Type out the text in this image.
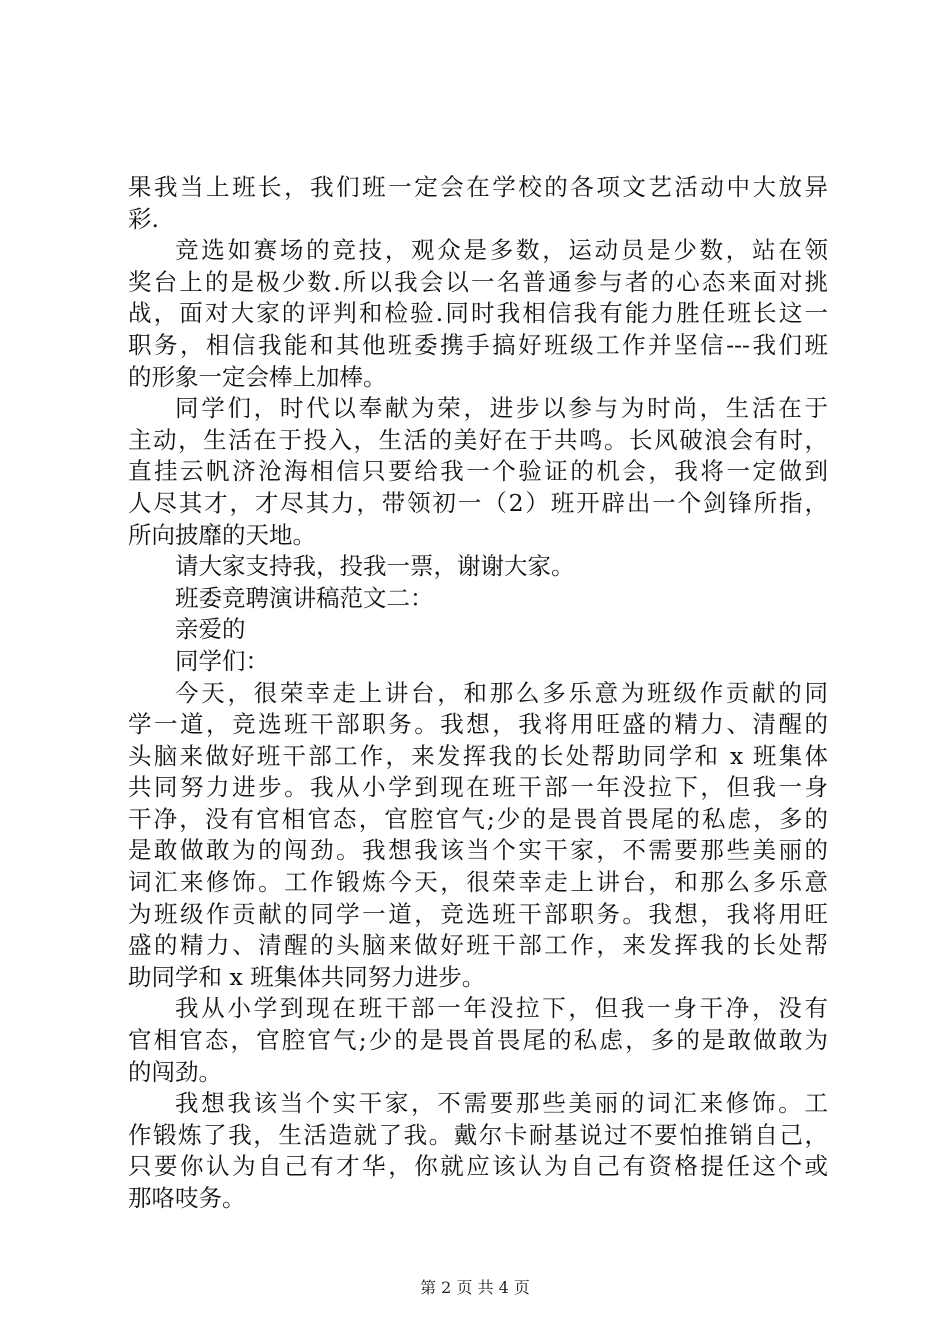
果我当上班长，我们班一定会在学校的各项文艺活动中大放异
彩.
竞选如赛场的竞技，观众是多数，运动员是少数，站在领
奖台上的是极少数.所以我会以一名普通参与者的心态来面对挑
战，面对大家的评判和检验.同时我相信我有能力胜任班长这一
职务，相信我能和其他班委携手搞好班级工作并坚信---我们班
的形象一定会棒上加棒。
同学们，时代以奉献为荣，进步以参与为时尚，生活在于
主动，生活在于投入，生活的美好在于共鸣。长风破浪会有时，
直挂云帆济沧海相信只要给我一个验证的机会，我将一定做到
人尽其才，才尽其力，带领初一（2）班开辟出一个剑锋所指，
所向披靡的天地。
请大家支持我，投我一票，谢谢大家。
班委竞聘演讲稿范文二：
亲爱的
同学们：
今天，很荣幸走上讲台，和那么多乐意为班级作贡献的同
学一道，竞选班干部职务。我想，我将用旺盛的精力、清醒的
头脑来做好班干部工作，来发挥我的长处帮助同学和 x 班集体
共同努力进步。我从小学到现在班干部一年没拉下，但我一身
干净，没有官相官态，官腔官气;少的是畏首畏尾的私虑，多的
是敢做敢为的闯劲。我想我该当个实干家，不需要那些美丽的
词汇来修饰。工作锻炼今天，很荣幸走上讲台，和那么多乐意
为班级作贡献的同学一道，竞选班干部职务。我想，我将用旺
盛的精力、清醒的头脑来做好班干部工作，来发挥我的长处帮
助同学和 x 班集体共同努力进步。
我从小学到现在班干部一年没拉下，但我一身干净，没有
官相官态，官腔官气;少的是畏首畏尾的私虑，多的是敢做敢为
的闯劲。
我想我该当个实干家，不需要那些美丽的词汇来修饰。工
作锻炼了我，生活造就了我。戴尔卡耐基说过不要怕推销自己，
只要你认为自己有才华，你就应该认为自己有资格提任这个或
那咯吱务。
第 2 页 共 4 页
